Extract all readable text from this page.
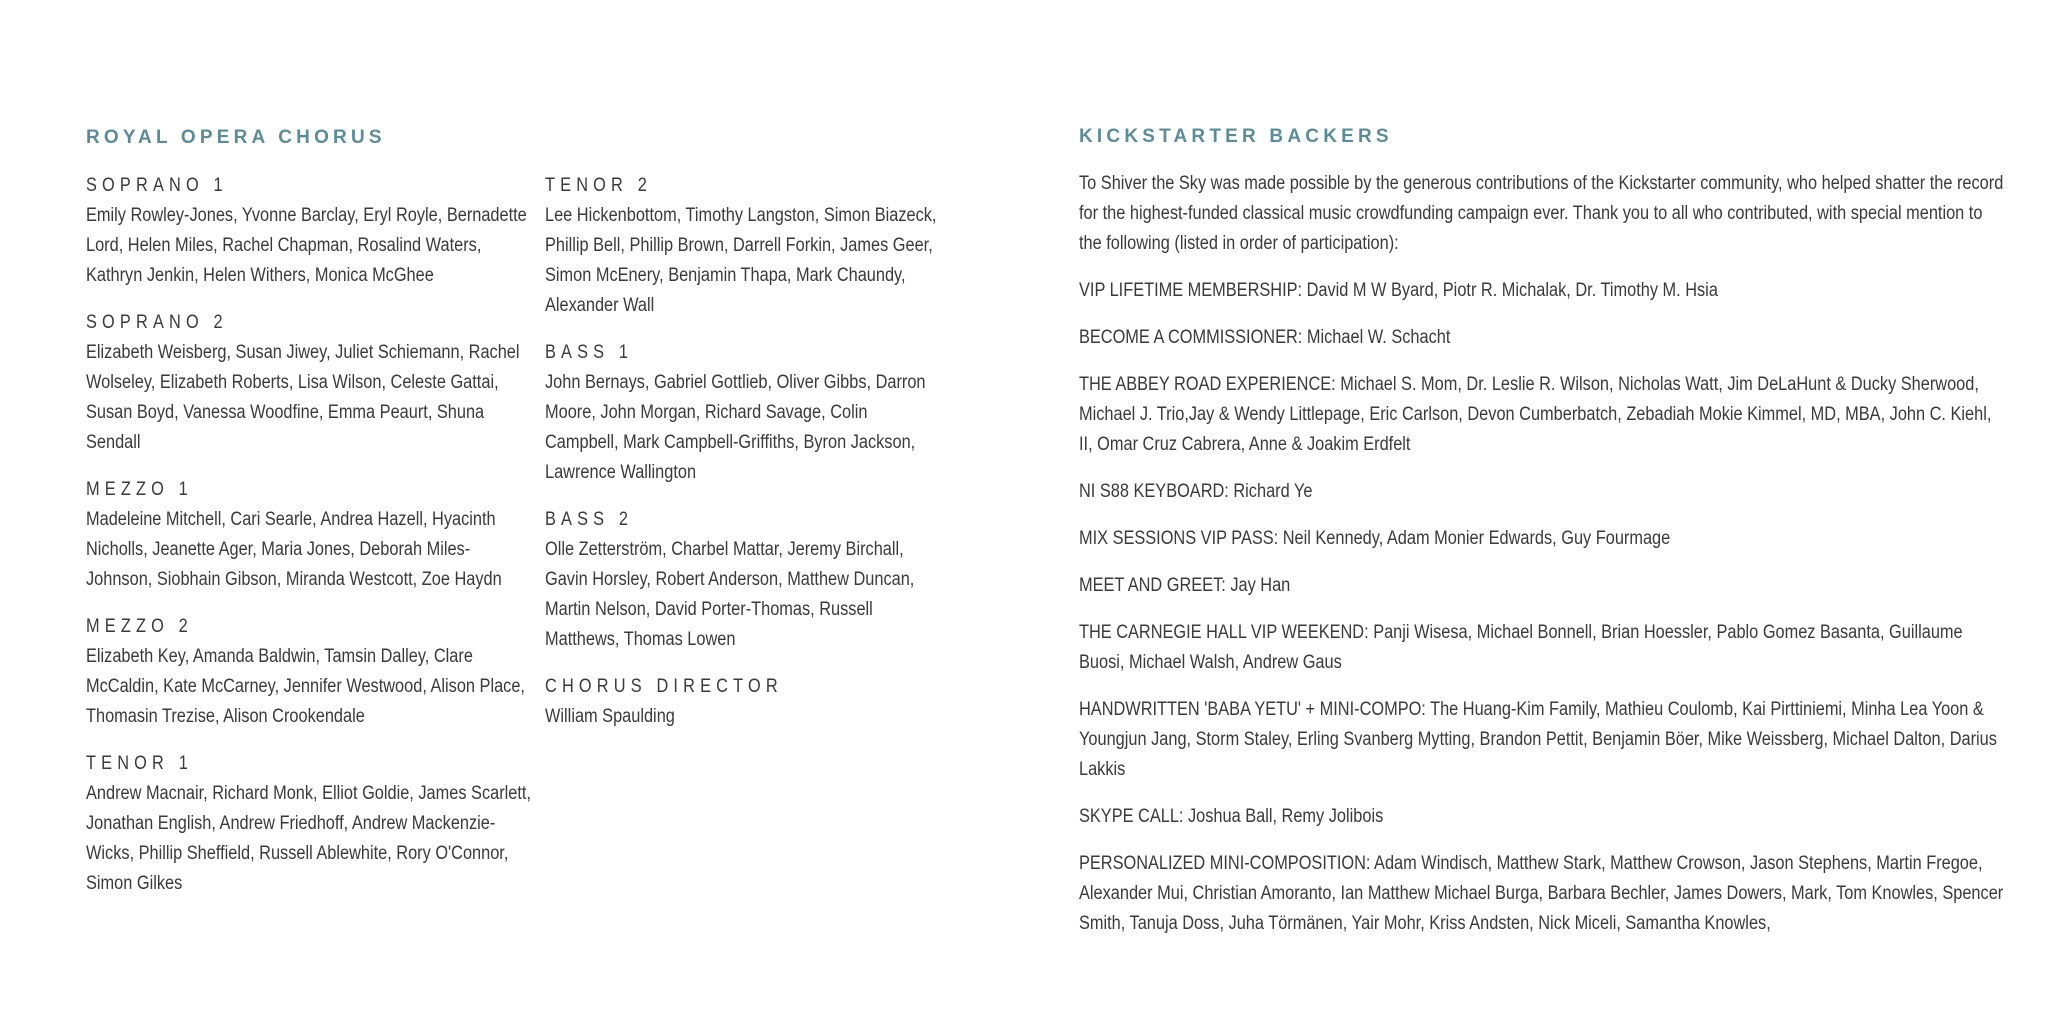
ROYAL OPERA CHORUS
SOPRANO 1
Emily Rowley-Jones, Yvonne Barclay, Eryl Royle, Bernadette Lord, Helen Miles, Rachel Chapman, Rosalind Waters, Kathryn Jenkin, Helen Withers, Monica McGhee
SOPRANO 2
Elizabeth Weisberg, Susan Jiwey, Juliet Schiemann, Rachel Wolseley, Elizabeth Roberts, Lisa Wilson, Celeste Gattai, Susan Boyd, Vanessa Woodfine, Emma Peaurt, Shuna Sendall
MEZZO 1
Madeleine Mitchell, Cari Searle, Andrea Hazell, Hyacinth Nicholls, Jeanette Ager, Maria Jones, Deborah Miles-Johnson, Siobhain Gibson, Miranda Westcott, Zoe Haydn
MEZZO 2
Elizabeth Key, Amanda Baldwin, Tamsin Dalley, Clare McCaldin, Kate McCarney, Jennifer Westwood, Alison Place, Thomasin Trezise, Alison Crookendale
TENOR 1
Andrew Macnair, Richard Monk, Elliot Goldie, James Scarlett, Jonathan English, Andrew Friedhoff, Andrew Mackenzie-Wicks, Phillip Sheffield, Russell Ablewhite, Rory O'Connor, Simon Gilkes
TENOR 2
Lee Hickenbottom, Timothy Langston, Simon Biazeck, Phillip Bell, Phillip Brown, Darrell Forkin, James Geer, Simon McEnery, Benjamin Thapa, Mark Chaundy, Alexander Wall
BASS 1
John Bernays, Gabriel Gottlieb, Oliver Gibbs, Darron Moore, John Morgan, Richard Savage, Colin Campbell, Mark Campbell-Griffiths, Byron Jackson, Lawrence Wallington
BASS 2
Olle Zetterström, Charbel Mattar, Jeremy Birchall, Gavin Horsley, Robert Anderson, Matthew Duncan, Martin Nelson, David Porter-Thomas, Russell Matthews, Thomas Lowen
CHORUS DIRECTOR
William Spaulding
KICKSTARTER BACKERS

To Shiver the Sky was made possible by the generous contributions of the Kickstarter community, who helped shatter the record for the highest-funded classical music crowdfunding campaign ever. Thank you to all who contributed, with special mention to the following (listed in order of participation):

VIP LIFETIME MEMBERSHIP: David M W Byard, Piotr R. Michalak, Dr. Timothy M. Hsia

BECOME A COMMISSIONER: Michael W. Schacht

THE ABBEY ROAD EXPERIENCE: Michael S. Mom, Dr. Leslie R. Wilson, Nicholas Watt, Jim DeLaHunt & Ducky Sherwood, Michael J. Trio,Jay & Wendy Littlepage, Eric Carlson, Devon Cumberbatch, Zebadiah Mokie Kimmel, MD, MBA, John C. Kiehl, II, Omar Cruz Cabrera, Anne & Joakim Erdfelt

NI S88 KEYBOARD: Richard Ye

MIX SESSIONS VIP PASS: Neil Kennedy, Adam Monier Edwards, Guy Fourmage

MEET AND GREET: Jay Han

THE CARNEGIE HALL VIP WEEKEND: Panji Wisesa, Michael Bonnell, Brian Hoessler, Pablo Gomez Basanta, Guillaume Buosi, Michael Walsh, Andrew Gaus

HANDWRITTEN 'BABA YETU' + MINI-COMPO: The Huang-Kim Family, Mathieu Coulomb, Kai Pirttiniemi, Minha Lea Yoon & Youngjun Jang, Storm Staley, Erling Svanberg Mytting, Brandon Pettit, Benjamin Böer, Mike Weissberg, Michael Dalton, Darius Lakkis

SKYPE CALL: Joshua Ball, Remy Jolibois

PERSONALIZED MINI-COMPOSITION: Adam Windisch, Matthew Stark, Matthew Crowson, Jason Stephens, Martin Fregoe, Alexander Mui, Christian Amoranto, Ian Matthew Michael Burga, Barbara Bechler, James Dowers, Mark, Tom Knowles, Spencer Smith, Tanuja Doss, Juha Törmänen, Yair Mohr, Kriss Andsten, Nick Miceli, Samantha Knowles,
